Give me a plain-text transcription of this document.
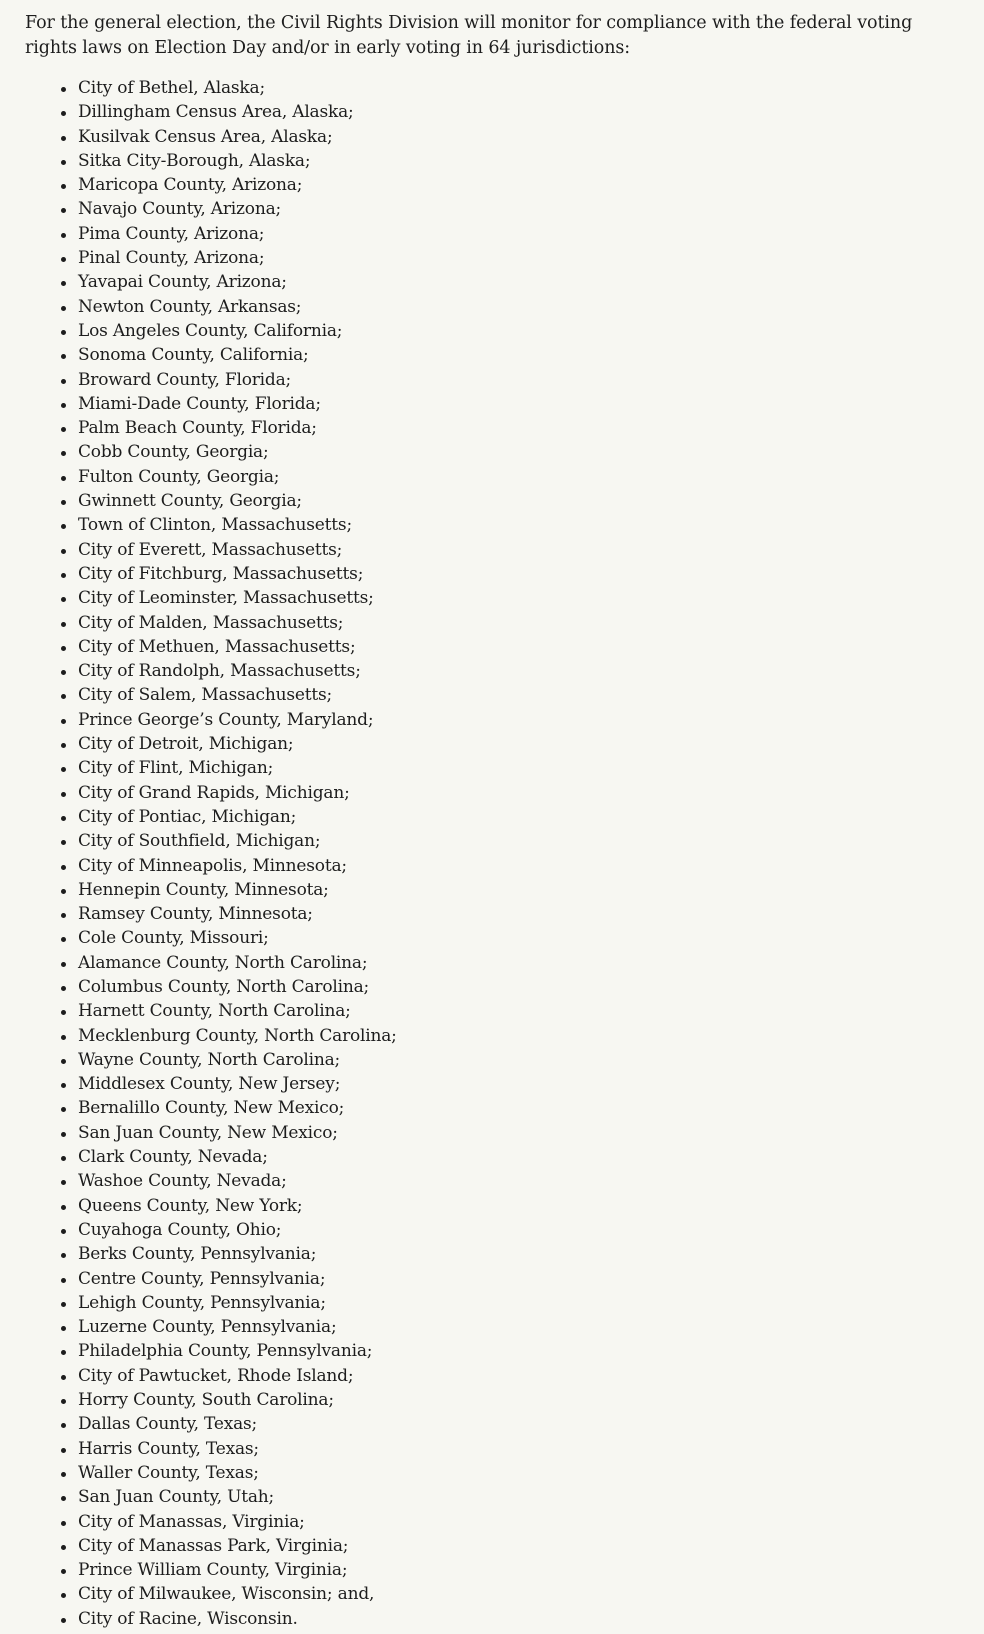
For the general election, the Civil Rights Division will monitor for compliance with the federal voting rights laws on Election Day and/or in early voting in 64 jurisdictions:

City of Bethel, Alaska;
Dillingham Census Area, Alaska;
Kusilvak Census Area, Alaska;
Sitka City-Borough, Alaska;
Maricopa County, Arizona;
Navajo County, Arizona;
Pima County, Arizona;
Pinal County, Arizona;
Yavapai County, Arizona;
Newton County, Arkansas;
Los Angeles County, California;
Sonoma County, California;
Broward County, Florida;
Miami-Dade County, Florida;
Palm Beach County, Florida;
Cobb County, Georgia;
Fulton County, Georgia;
Gwinnett County, Georgia;
Town of Clinton, Massachusetts;
City of Everett, Massachusetts;
City of Fitchburg, Massachusetts;
City of Leominster, Massachusetts;
City of Malden, Massachusetts;
City of Methuen, Massachusetts;
City of Randolph, Massachusetts;
City of Salem, Massachusetts;
Prince George’s County, Maryland;
City of Detroit, Michigan;
City of Flint, Michigan;
City of Grand Rapids, Michigan;
City of Pontiac, Michigan;
City of Southfield, Michigan;
City of Minneapolis, Minnesota;
Hennepin County, Minnesota;
Ramsey County, Minnesota;
Cole County, Missouri;
Alamance County, North Carolina;
Columbus County, North Carolina;
Harnett County, North Carolina;
Mecklenburg County, North Carolina;
Wayne County, North Carolina;
Middlesex County, New Jersey;
Bernalillo County, New Mexico;
San Juan County, New Mexico;
Clark County, Nevada;
Washoe County, Nevada;
Queens County, New York;
Cuyahoga County, Ohio;
Berks County, Pennsylvania;
Centre County, Pennsylvania;
Lehigh County, Pennsylvania;
Luzerne County, Pennsylvania;
Philadelphia County, Pennsylvania;
City of Pawtucket, Rhode Island;
Horry County, South Carolina;
Dallas County, Texas;
Harris County, Texas;
Waller County, Texas;
San Juan County, Utah;
City of Manassas, Virginia;
City of Manassas Park, Virginia;
Prince William County, Virginia;
City of Milwaukee, Wisconsin; and,
City of Racine, Wisconsin.
